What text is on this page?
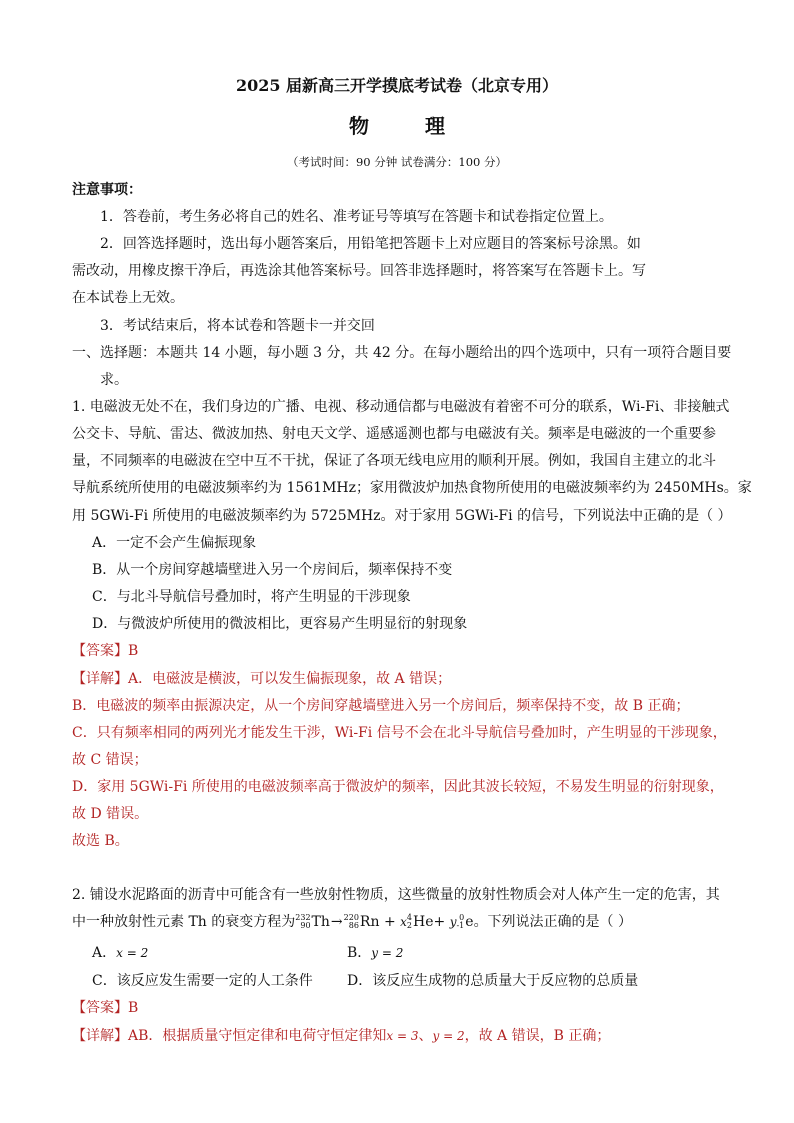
2025 届新高三开学摸底考试卷（北京专用）
物	理
（考试时间：90 分钟 试卷满分：100 分）
注意事项：
1．答卷前，考生务必将自己的姓名、准考证号等填写在答题卡和试卷指定位置上。
2．回答选择题时，选出每小题答案后，用铅笔把答题卡上对应题目的答案标号涂黑。如
需改动，用橡皮擦干净后，再选涂其他答案标号。回答非选择题时，将答案写在答题卡上。写
在本试卷上无效。
3．考试结束后，将本试卷和答题卡一并交回
一、选择题：本题共 14 小题，每小题 3 分，共 42 分。在每小题给出的四个选项中，只有一项符合题目要
求。
1. 电磁波无处不在，我们身边的广播、电视、移动通信都与电磁波有着密不可分的联系，Wi-Fi、非接触式
公交卡、导航、雷达、微波加热、射电天文学、遥感遥测也都与电磁波有关。频率是电磁波的一个重要参
量，不同频率的电磁波在空中互不干扰，保证了各项无线电应用的顺利开展。例如，我国自主建立的北斗
导航系统所使用的电磁波频率约为 1561MHz；家用微波炉加热食物所使用的电磁波频率约为 2450MHs。家
用 5GWi-Fi 所使用的电磁波频率约为 5725MHz。对于家用 5GWi-Fi 的信号，下列说法中正确的是（ ）
A．一定不会产生偏振现象
B．从一个房间穿越墙壁进入另一个房间后，频率保持不变
C．与北斗导航信号叠加时，将产生明显的干涉现象
D．与微波炉所使用的微波相比，更容易产生明显衍的射现象
【答案】B
【详解】A．电磁波是横波，可以发生偏振现象，故 A 错误；
B．电磁波的频率由振源决定，从一个房间穿越墙壁进入另一个房间后，频率保持不变，故 B 正确；
C．只有频率相同的两列光才能发生干涉，Wi-Fi 信号不会在北斗导航信号叠加时，产生明显的干涉现象，
故 C 错误；
D．家用 5GWi-Fi 所使用的电磁波频率高于微波炉的频率，因此其波长较短，不易发生明显的衍射现象，
故 D 错误。
故选 B。
2. 铺设水泥路面的沥青中可能含有一些放射性物质，这些微量的放射性物质会对人体产生一定的危害，其
中一种放射性元素 Th 的衰变方程为 232
90 Th→ 220
86 Rn + x 4
2 He+ y 0
-1 e。下列说法正确的是（ ）
A．x = 2	B．y = 2
C．该反应发生需要一定的人工条件 D．该反应生成物的总质量大于反应物的总质量
【答案】B
【详解】AB．根据质量守恒定律和电荷守恒定律知x = 3、y = 2，故 A 错误，B 正确；
